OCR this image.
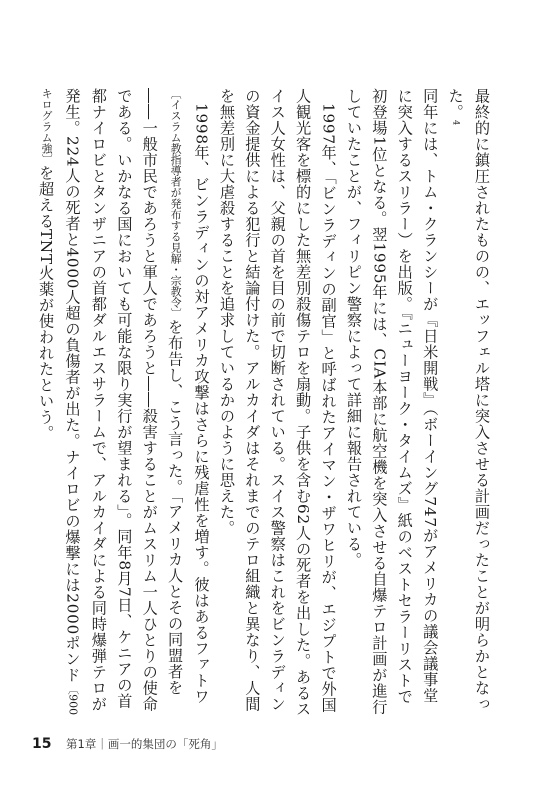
最終的に鎮圧されたものの、エッフェル塔に突入させる計画だったことが明らかとなった。4

同年には、トム・クランシーが『日米開戦』（ボーイング747がアメリカの議会議事堂に突入するスリラー）を出版。『ニューヨーク・タイムズ』紙のベストセラーリストで初登場1位となる。翌1995年には、CIA本部に航空機を突入させる自爆テロ計画が進行していたことが、フィリピン警察によって詳細に報告されている。

1997年、「ビンラディンの副官」と呼ばれたアイマン・ザワヒリが、エジプトで外国人観光客を標的にした無差別殺傷テロを扇動。子供を含む62人の死者を出した。あるスイス人女性は、父親の首を目の前で切断されている。スイス警察はこれをビンラディンの資金提供による犯行と結論付けた。アルカイダはそれまでのテロ組織と異なり、人間を無差別に大虐殺することを追求しているかのように思えた。

1998年、ビンラディンの対アメリカ攻撃はさらに残虐性を増す。彼はあるファトワ〔イスラム教指導者が発布する見解・宗教令〕を布告し、こう言った。「アメリカ人とその同盟者を――一般市民であろうと軍人であろうと――殺害することがムスリム一人ひとりの使命である。いかなる国においても可能な限り実行が望まれる」。同年8月7日、ケニアの首都ナイロビとタンザニアの首都ダルエスサラームで、アルカイダによる同時爆弾テロが発生。224人の死者と4000人超の負傷者が出た。ナイロビの爆撃には2000ポンド〔900キログラム強〕を超えるTNT火薬が使われたという。

15 第1章｜画一的集団の「死角」
